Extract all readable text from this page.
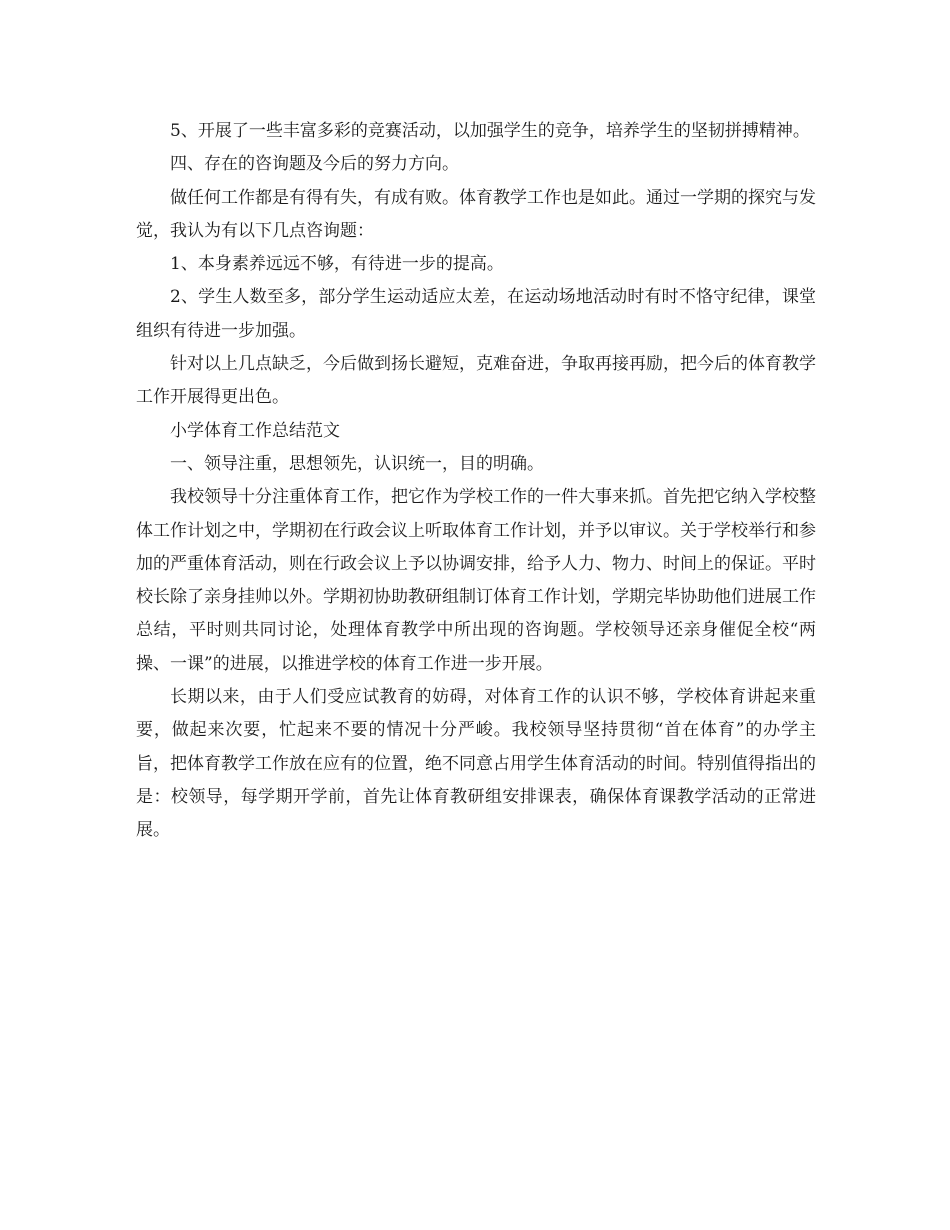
5、开展了一些丰富多彩的竞赛活动，以加强学生的竞争，培养学生的坚韧拼搏精神。

四、存在的咨询题及今后的努力方向。

做任何工作都是有得有失，有成有败。体育教学工作也是如此。通过一学期的探究与发觉，我认为有以下几点咨询题：

1、本身素养远远不够，有待进一步的提高。

2、学生人数至多，部分学生运动适应太差，在运动场地活动时有时不恪守纪律，课堂组织有待进一步加强。

针对以上几点缺乏，今后做到扬长避短，克难奋进，争取再接再励，把今后的体育教学工作开展得更出色。

小学体育工作总结范文

一、领导注重，思想领先，认识统一，目的明确。

我校领导十分注重体育工作，把它作为学校工作的一件大事来抓。首先把它纳入学校整体工作计划之中，学期初在行政会议上听取体育工作计划，并予以审议。关于学校举行和参加的严重体育活动，则在行政会议上予以协调安排，给予人力、物力、时间上的保证。平时校长除了亲身挂帅以外。学期初协助教研组制订体育工作计划，学期完毕协助他们进展工作总结，平时则共同讨论，处理体育教学中所出现的咨询题。学校领导还亲身催促全校“两操、一课”的进展，以推进学校的体育工作进一步开展。

长期以来，由于人们受应试教育的妨碍，对体育工作的认识不够，学校体育讲起来重要，做起来次要，忙起来不要的情况十分严峻。我校领导坚持贯彻“首在体育”的办学主旨，把体育教学工作放在应有的位置，绝不同意占用学生体育活动的时间。特别值得指出的是：校领导，每学期开学前，首先让体育教研组安排课表，确保体育课教学活动的正常进展。
